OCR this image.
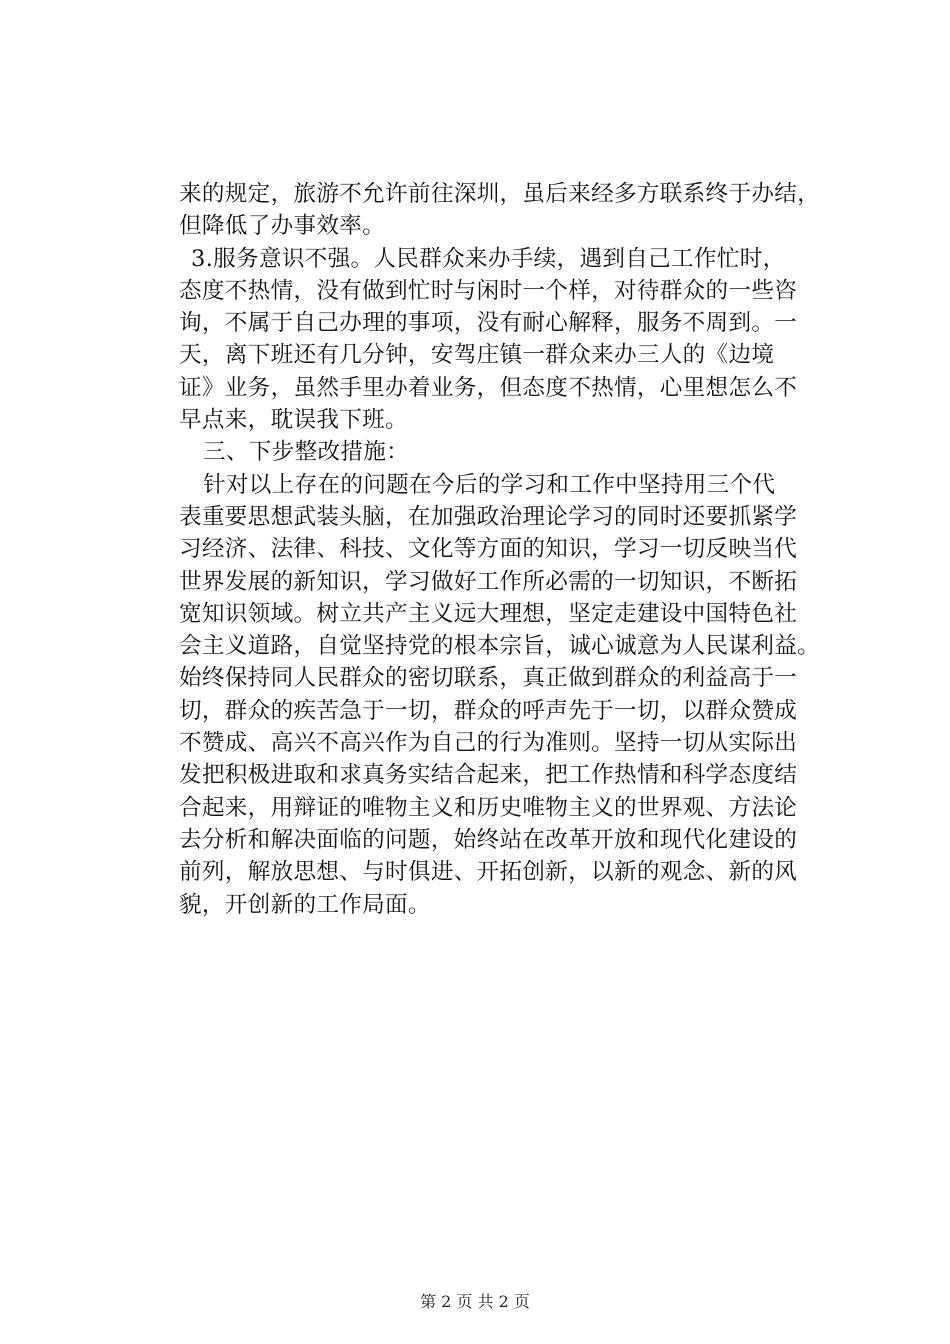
来的规定，旅游不允许前往深圳，虽后来经多方联系终于办结，
但降低了办事效率。
3.服务意识不强。人民群众来办手续，遇到自己工作忙时，
态度不热情，没有做到忙时与闲时一个样，对待群众的一些咨
询，不属于自己办理的事项，没有耐心解释，服务不周到。一
天，离下班还有几分钟，安驾庄镇一群众来办三人的《边境
证》业务，虽然手里办着业务，但态度不热情，心里想怎么不
早点来，耽误我下班。
三、下步整改措施：
针对以上存在的问题在今后的学习和工作中坚持用三个代
表重要思想武装头脑，在加强政治理论学习的同时还要抓紧学
习经济、法律、科技、文化等方面的知识，学习一切反映当代
世界发展的新知识，学习做好工作所必需的一切知识，不断拓
宽知识领域。树立共产主义远大理想，坚定走建设中国特色社
会主义道路，自觉坚持党的根本宗旨，诚心诚意为人民谋利益。
始终保持同人民群众的密切联系，真正做到群众的利益高于一
切，群众的疾苦急于一切，群众的呼声先于一切，以群众赞成
不赞成、高兴不高兴作为自己的行为准则。坚持一切从实际出
发把积极进取和求真务实结合起来，把工作热情和科学态度结
合起来，用辩证的唯物主义和历史唯物主义的世界观、方法论
去分析和解决面临的问题，始终站在改革开放和现代化建设的
前列，解放思想、与时俱进、开拓创新，以新的观念、新的风
貌，开创新的工作局面。
第 2 页 共 2 页
